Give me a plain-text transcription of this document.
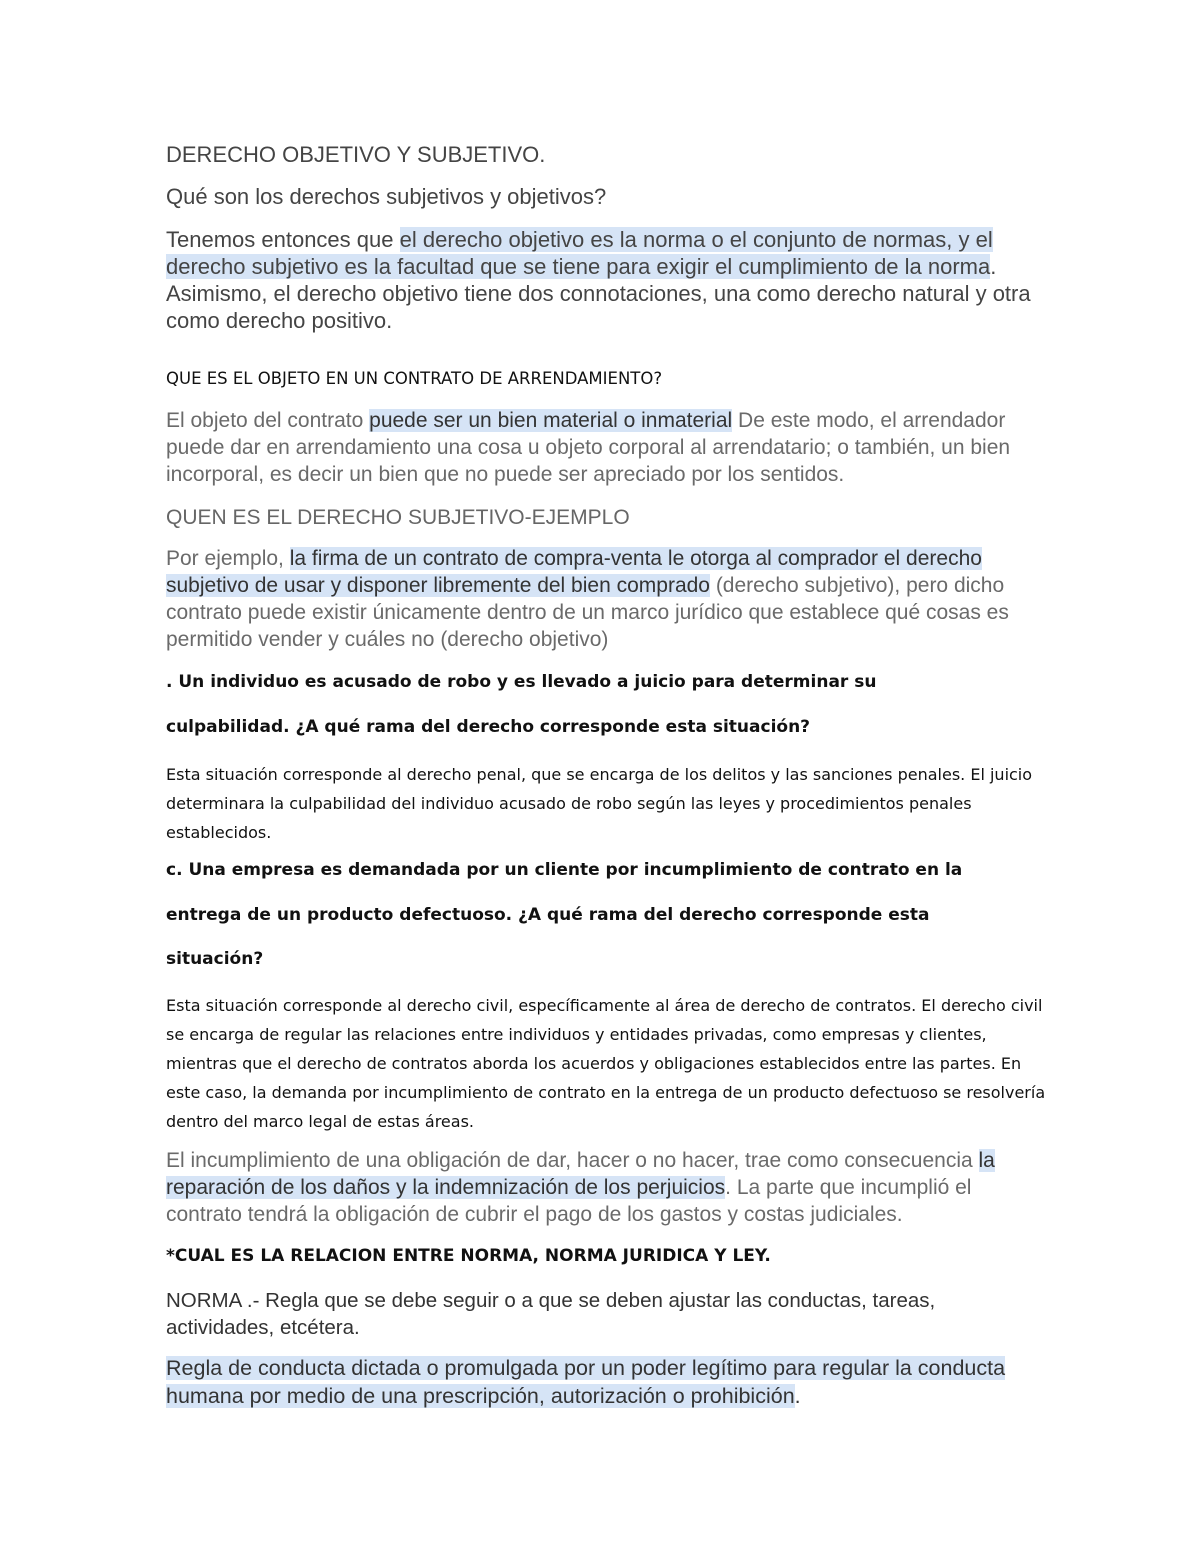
DERECHO OBJETIVO Y SUBJETIVO.

Qué son los derechos subjetivos y objetivos?

Tenemos entonces que el derecho objetivo es la norma o el conjunto de normas, y el derecho subjetivo es la facultad que se tiene para exigir el cumplimiento de la norma. Asimismo, el derecho objetivo tiene dos connotaciones, una como derecho natural y otra como derecho positivo.

QUE ES EL OBJETO EN UN CONTRATO DE ARRENDAMIENTO?

El objeto del contrato puede ser un bien material o inmaterial De este modo, el arrendador puede dar en arrendamiento una cosa u objeto corporal al arrendatario; o también, un bien incorporal, es decir un bien que no puede ser apreciado por los sentidos.

QUEN ES EL DERECHO SUBJETIVO-EJEMPLO

Por ejemplo, la firma de un contrato de compra-venta le otorga al comprador el derecho subjetivo de usar y disponer libremente del bien comprado (derecho subjetivo), pero dicho contrato puede existir únicamente dentro de un marco jurídico que establece qué cosas es permitido vender y cuáles no (derecho objetivo)

. Un individuo es acusado de robo y es llevado a juicio para determinar su

culpabilidad. ¿A qué rama del derecho corresponde esta situación?

Esta situación corresponde al derecho penal, que se encarga de los delitos y las sanciones penales. El juicio determinara la culpabilidad del individuo acusado de robo según las leyes y procedimientos penales establecidos.

c. Una empresa es demandada por un cliente por incumplimiento de contrato en la

entrega de un producto defectuoso. ¿A qué rama del derecho corresponde esta

situación?

Esta situación corresponde al derecho civil, específicamente al área de derecho de contratos. El derecho civil se encarga de regular las relaciones entre individuos y entidades privadas, como empresas y clientes, mientras que el derecho de contratos aborda los acuerdos y obligaciones establecidos entre las partes. En este caso, la demanda por incumplimiento de contrato en la entrega de un producto defectuoso se resolvería dentro del marco legal de estas áreas.

El incumplimiento de una obligación de dar, hacer o no hacer, trae como consecuencia la reparación de los daños y la indemnización de los perjuicios. La parte que incumplió el contrato tendrá la obligación de cubrir el pago de los gastos y costas judiciales.

*CUAL ES LA RELACION ENTRE NORMA, NORMA JURIDICA Y LEY.

NORMA .- Regla que se debe seguir o a que se deben ajustar las conductas, tareas, actividades, etcétera.

Regla de conducta dictada o promulgada por un poder legítimo para regular la conducta humana por medio de una prescripción, autorización o prohibición.
